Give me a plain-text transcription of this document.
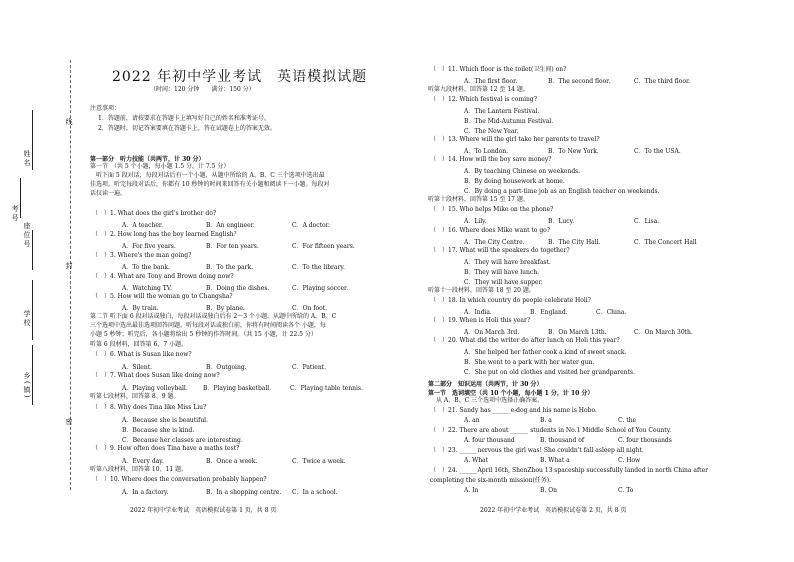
线
封
密
姓名
考号
座位号
学校
乡(镇)
2022 年初中学业考试　英语模拟试题
（时间：120 分钟　　满分：150 分）
注意事项：
1．答题前，请按要求在答题卡上填写好自己的姓名和准考证号。
2．答题时，切记答案要填在答题卡上，答在试题卷上的答案无效。
第一部分　听力技能（共两节，计 30 分）
第一节　（共 5 个小题，每小题 1.5 分，计 7.5 分）
听下面 5 段对话，每段对话后有一个小题，从题中所给的 A、B、C 三个选项中选出最
佳选项。听完每段对话后，你都有 10 秒钟的时间来回答有关小题和阅读下一小题。每段对
话仅读一遍。
（　）1. What does the girl's brother do?
A．A teacher.	B．An engineer.	C．A doctor.
（　）2. How long has the boy learned English？
A．For five years.	B．For ten years.	C．For fifteen years.
（　）3. Where's the man going?
A．To the bank.	B．To the park.	C．To the library.
（　）4. What are Tony and Brown doing now?
A．Watching TV.	B．Doing the dishes.	C．Playing soccer.
（　）5. How will the woman go to Changsha?
A．By train.	B．By plane.	C．On foot.
第二节 听下面 6 段对话或独白，每段对话或独白后有 2～3 个小题，从题中所给的 A、B、C
三个选项中选出最佳选项回答问题。听每段对话或独白前，你将有时间阅读各个 小题，每
小题 5 秒钟；听完后，各小题将给出 5 秒钟的作答时间。（共 15 小题，计 22.5 分）
听第 6 段材料，回答第 6、7 小题。
（　）6. What is Susan like now?
A．Silent.	B．Outgoing.	C．Patient.
（　）7. What does Susan like doing now?
A．Playing volleyball.	B．Playing basketball.	C．Playing table tennis.
听第七段材料，回答第 8、9 题。
（　）8. Why does Tina like Miss Liu?
A．Because she is beautiful.
B．Because she is kind.
C．Because her classes are interesting.
（　）9. How often does Tina have a maths test?
A．Every day.	B．Once a week.	C．Twice a week.
听第八段材料，回答第 10、11 题。
（　）10. Where does the conversation probably happen?
A．In a factory.	B．In a shopping centre. C．In a school.
2022 年初中学业考试　英语模拟试卷第 1 页，共 8 页
（　）11. Which floor is the toilet(卫生间) on?
A．The first floor.	B．The second floor.	C．The third floor.
听第九段材料，回答第 12 至 14 题。
（　）12. Which festival is coming?
A．The Lantern Festival.
B．The Mid-Autumn Festival.
C．The New Year.
（　）13. Where will the girl take her parents to travel?
A．To London.	B．To New York.	C．To the USA.
（　）14. How will the boy save money?
A．By teaching Chinese on weekends.
B．By doing housework at home.
C．By doing a part-time job as an English teacher on weekends.
听第十段材料，回答第 15 至 17 题。
（　）15. Who helps Mike on the phone?
A．Lily.	B．Lucy.	C．Lisa.
（　）16. Where does Mike want to go?
A．The City Centre.	B．The City Hall.	C．The Concert Hall
（　）17. What will the speakers do together?
A．They will have breakfast.
B．They will have lunch.
C．They will have supper.
听第十一段材料，回答第 18 至 20 题。
（　）18. In which country do people celebrate Holi?
A．India.	B．England.	C．China.
（　）19. When is Holi this year?
A．On March 3rd.	B．On March 13th.	C．On March 30th.
（　）20. What did the writer do after lunch on Holi this year?
A．She helped her father cook a kind of sweet snack.
B．She went to a park with her water gun.
C．She put on old clothes and visited her grandparents.
第二部分　知识运用（共两节，计 30 分）
第一节　选词填空（共 10 个小题，每小题 1 分，计 10 分）
从 A、B、C 三个选项中选择正确答案。
（　）21. Sandy has ______e-dog and his name is Hobo.
A. an	B. a	C. the
（　）22. There are about ______ students in No.1 Middle School of You County.
A. four thousand	B. thousand of	C. four thousands
（　）23. ______nervous the girl was! She couldn't fall asleep all night.
A. What	B. What a	C. How
（　）24. ______April 16th, ShenZhou 13 spaceship successfully landed in north China after
completing the six-month mission(任务).
A. In	B. On	C. To
2022 年初中学业考试　英语模拟试卷第 2 页，共 8 页
